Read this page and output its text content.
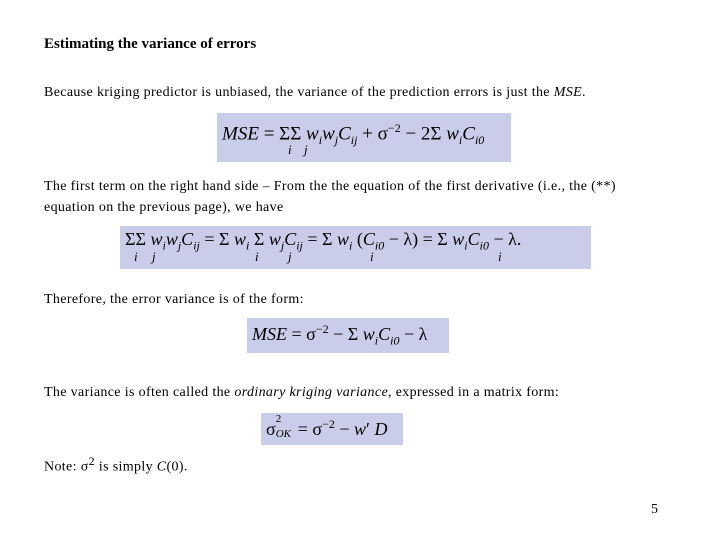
Estimating the variance of errors
Because kriging predictor is unbiased, the variance of the prediction errors is just the MSE.
MSE = ΣΣ $w_iw_jC_{ij} + \sigma^{-2} - 2\Sigma$ $w_iC_{i0}$
i j
The first term on the right hand side – From the the equation of the first derivative (i.e., the (**)
equation on the previous page), we have
ΣΣ $w_iw_jC_{ij} = \Sigma$ $w_i$ Σ $w_jC_{ij} = \Sigma$ $w_i$ $(C_{i0} - \lambda) = \Sigma$ $w_iC_{i0} - \lambda$.
i j	i j	i	i
Therefore, the error variance is of the form:
MSE = $\sigma^{-2} - \Sigma$ $w_iC_{i0} - \lambda$
The variance is often called the ordinary kriging variance, expressed in a matrix form:
σ 2
OK = $\sigma^{-2} - w'$ D
Note: $\sigma^2$ is simply C(0).
5
